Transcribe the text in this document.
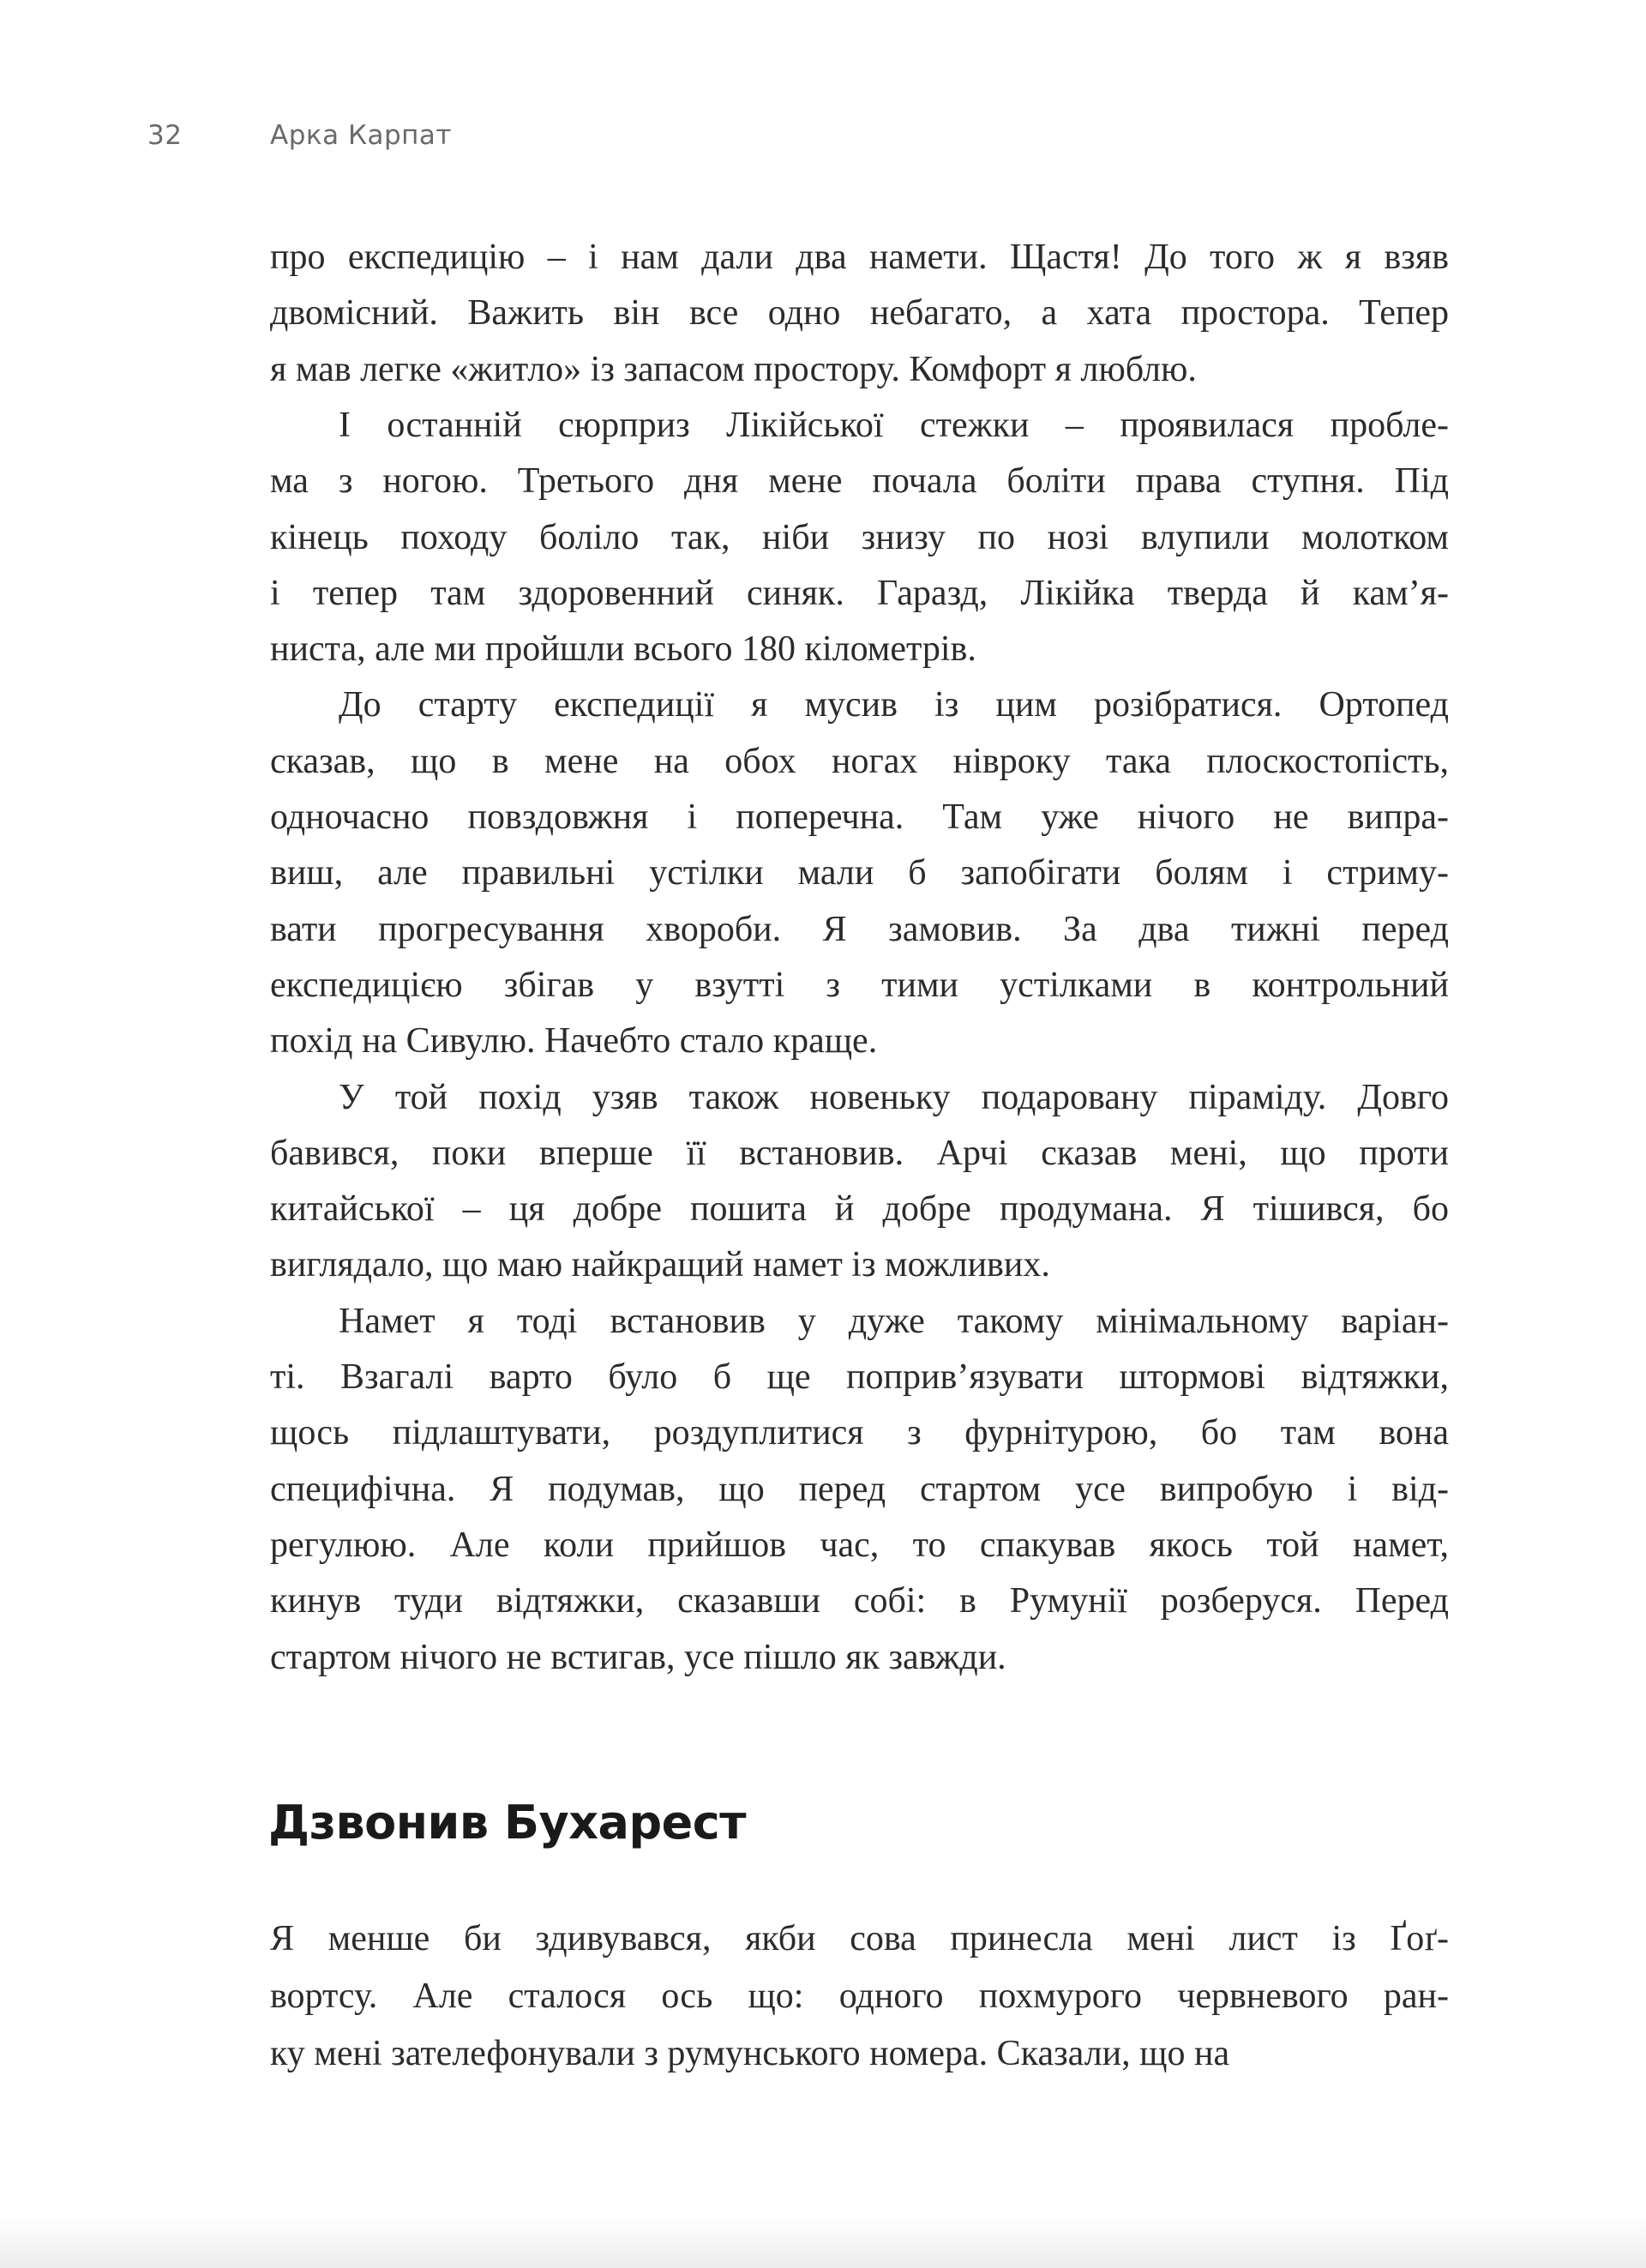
32	Арка Карпат
про експедицію – і нам дали два намети. Щастя! До того ж я взяв
двомісний. Важить він все одно небагато, а хата простора. Тепер
я мав легке «житло» із запасом простору. Комфорт я люблю.
І останній сюрприз Лікійської стежки – проявилася пробле-
ма з ногою. Третього дня мене почала боліти права ступня. Під
кінець походу боліло так, ніби знизу по нозі влупили молотком
і тепер там здоровенний синяк. Гаразд, Лікійка тверда й кам’я-
ниста, але ми пройшли всього 180 кілометрів.
До старту експедиції я мусив із цим розібратися. Ортопед
сказав, що в мене на обох ногах нівроку така плоскостопість,
одночасно повздовжня і поперечна. Там уже нічого не випра-
виш, але правильні устілки мали б запобігати болям і стриму-
вати прогресування хвороби. Я замовив. За два тижні перед
експедицією збігав у взутті з тими устілками в контрольний
похід на Сивулю. Начебто стало краще.
У той похід узяв також новеньку подаровану піраміду. Довго
бавився, поки вперше її встановив. Арчі сказав мені, що проти
китайської – ця добре пошита й добре продумана. Я тішився, бо
виглядало, що маю найкращий намет із можливих.
Намет я тоді встановив у дуже такому мінімальному варіан-
ті. Взагалі варто було б ще поприв’язувати штормові відтяжки,
щось підлаштувати, роздуплитися з фурнітурою, бо там вона
специфічна. Я подумав, що перед стартом усе випробую і від-
регулюю. Але коли прийшов час, то спакував якось той намет,
кинув туди відтяжки, сказавши собі: в Румунії розберуся. Перед
стартом нічого не встигав, усе пішло як завжди.
Дзвонив Бухарест
Я менше би здивувався, якби сова принесла мені лист із Ґоґ-
вортсу. Але сталося ось що: одного похмурого червневого ран-
ку мені зателефонували з румунського номера. Сказали, що на
